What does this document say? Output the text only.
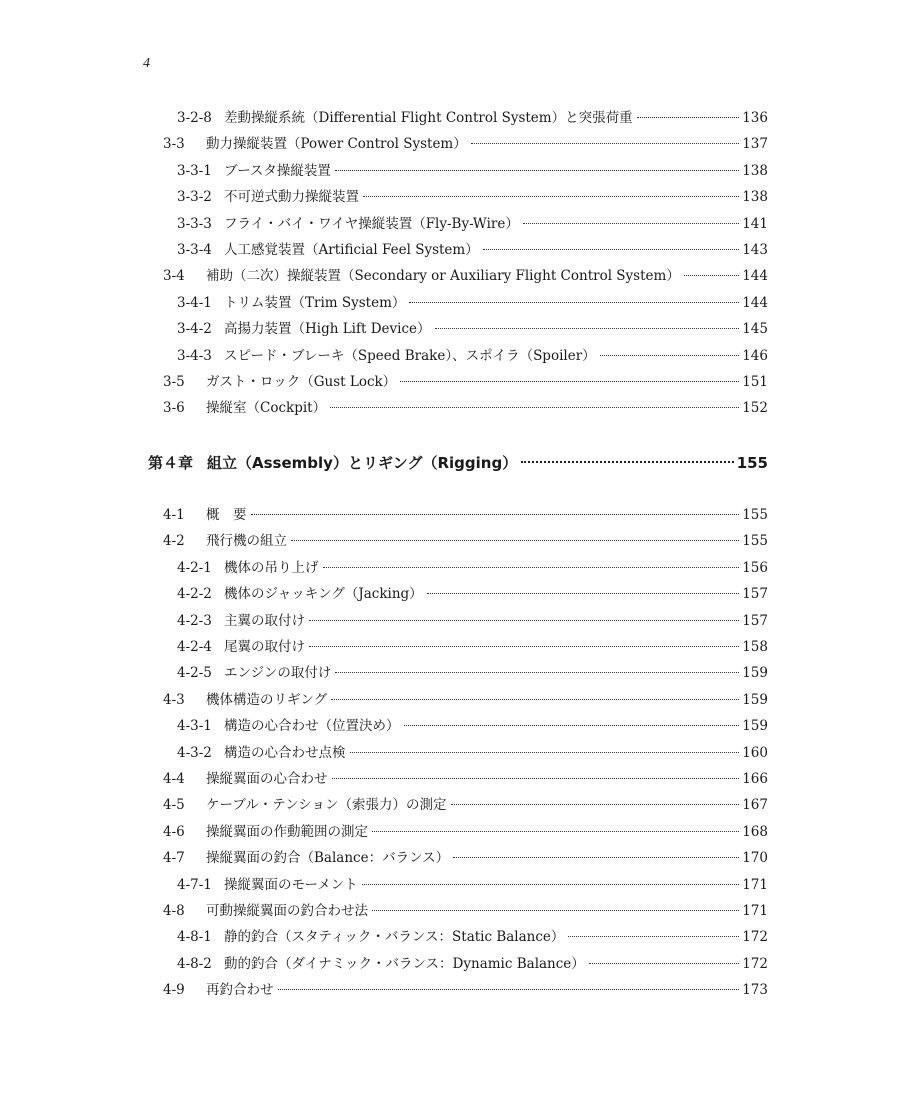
4
3-2-8 差動操縦系統（Differential Flight Control System）と突張荷重	136
3-3	動力操縦装置（Power Control System）	137
3-3-1 ブースタ操縦装置	138
3-3-2 不可逆式動力操縦装置	138
3-3-3 フライ・バイ・ワイヤ操縦装置（Fly-By-Wire）	141
3-3-4 人工感覚装置（Artificial Feel System）	143
3-4	補助（二次）操縦装置（Secondary or Auxiliary Flight Control System）	144
3-4-1 トリム装置（Trim System）	144
3-4-2 高揚力装置（High Lift Device）	145
3-4-3 スピード・ブレーキ（Speed Brake）、スポイラ（Spoiler）	146
3-5	ガスト・ロック（Gust Lock）	151
3-6	操縦室（Cockpit）	152
第４章 組立（Assembly）とリギング（Rigging）	155
4-1	概　要	155
4-2	飛行機の組立	155
4-2-1 機体の吊り上げ	156
4-2-2 機体のジャッキング（Jacking）	157
4-2-3 主翼の取付け	157
4-2-4 尾翼の取付け	158
4-2-5 エンジンの取付け	159
4-3	機体構造のリギング	159
4-3-1 構造の心合わせ（位置決め）	159
4-3-2 構造の心合わせ点検	160
4-4	操縦翼面の心合わせ	166
4-5	ケーブル・テンション（索張力）の測定	167
4-6	操縦翼面の作動範囲の測定	168
4-7	操縦翼面の釣合（Balance：バランス）	170
4-7-1 操縦翼面のモーメント	171
4-8	可動操縦翼面の釣合わせ法	171
4-8-1 静的釣合（スタティック・バランス：Static Balance）	172
4-8-2 動的釣合（ダイナミック・バランス：Dynamic Balance）	172
4-9	再釣合わせ	173
